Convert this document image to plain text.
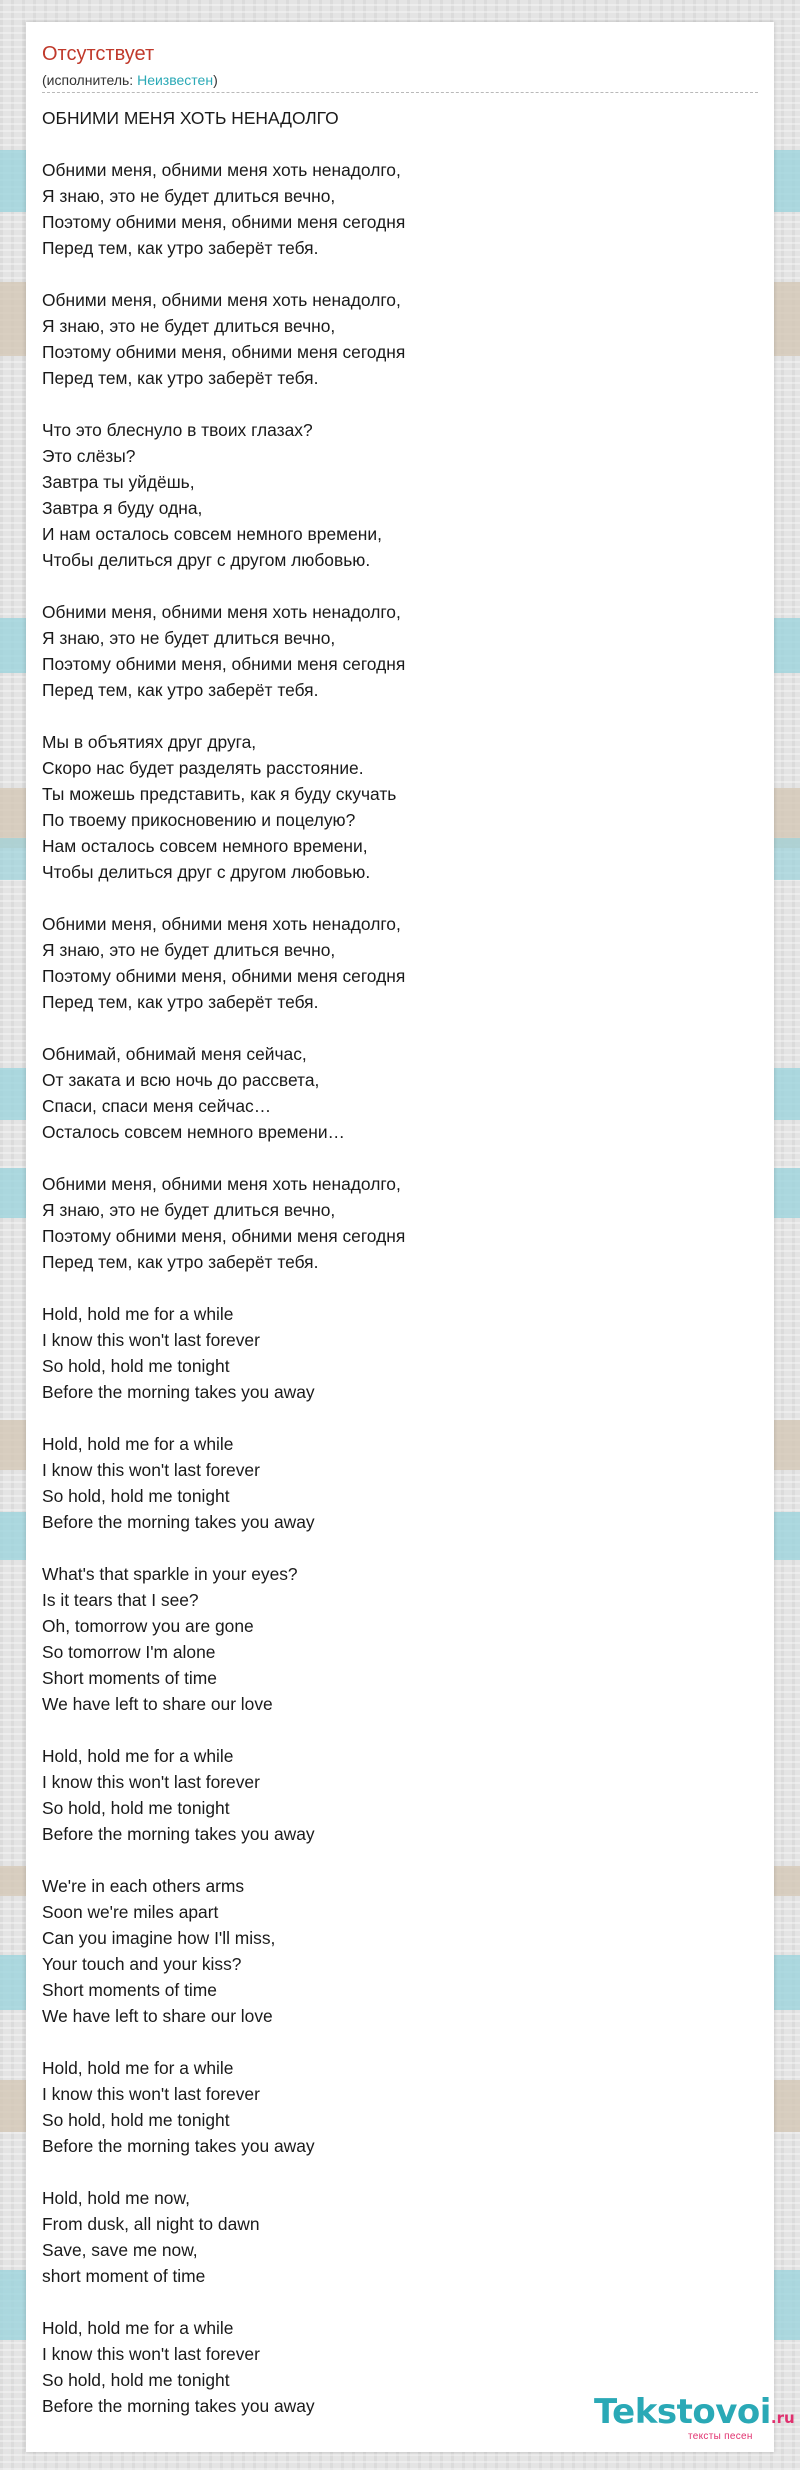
Отсутствует
(исполнитель: Неизвестен)
ОБНИМИ МЕНЯ ХОТЬ НЕНАДОЛГО
Обними меня, обними меня хоть ненадолго,
Я знаю, это не будет длиться вечно,
Поэтому обними меня, обними меня сегодня
Перед тем, как утро заберёт тебя.
Обними меня, обними меня хоть ненадолго,
Я знаю, это не будет длиться вечно,
Поэтому обними меня, обними меня сегодня
Перед тем, как утро заберёт тебя.
Что это блеснуло в твоих глазах?
Это слёзы?
Завтра ты уйдёшь,
Завтра я буду одна,
И нам осталось совсем немного времени,
Чтобы делиться друг с другом любовью.
Обними меня, обними меня хоть ненадолго,
Я знаю, это не будет длиться вечно,
Поэтому обними меня, обними меня сегодня
Перед тем, как утро заберёт тебя.
Мы в объятиях друг друга,
Скоро нас будет разделять расстояние.
Ты можешь представить, как я буду скучать
По твоему прикосновению и поцелую?
Нам осталось совсем немного времени,
Чтобы делиться друг с другом любовью.
Обними меня, обними меня хоть ненадолго,
Я знаю, это не будет длиться вечно,
Поэтому обними меня, обними меня сегодня
Перед тем, как утро заберёт тебя.
Обнимай, обнимай меня сейчас,
От заката и всю ночь до рассвета,
Спаси, спаси меня сейчас…
Осталось совсем немного времени…
Обними меня, обними меня хоть ненадолго,
Я знаю, это не будет длиться вечно,
Поэтому обними меня, обними меня сегодня
Перед тем, как утро заберёт тебя.
Hold, hold me for a while
I know this won't last forever
So hold, hold me tonight
Before the morning takes you away
Hold, hold me for a while
I know this won't last forever
So hold, hold me tonight
Before the morning takes you away
What's that sparkle in your eyes?
Is it tears that I see?
Oh, tomorrow you are gone
So tomorrow I'm alone
Short moments of time
We have left to share our love
Hold, hold me for a while
I know this won't last forever
So hold, hold me tonight
Before the morning takes you away
We're in each others arms
Soon we're miles apart
Can you imagine how I'll miss,
Your touch and your kiss?
Short moments of time
We have left to share our love
Hold, hold me for a while
I know this won't last forever
So hold, hold me tonight
Before the morning takes you away
Hold, hold me now,
From dusk, all night to dawn
Save, save me now,
short moment of time
Hold, hold me for a while
I know this won't last forever
So hold, hold me tonight
Before the morning takes you away	Tekstovoi.ru
тексты песен
